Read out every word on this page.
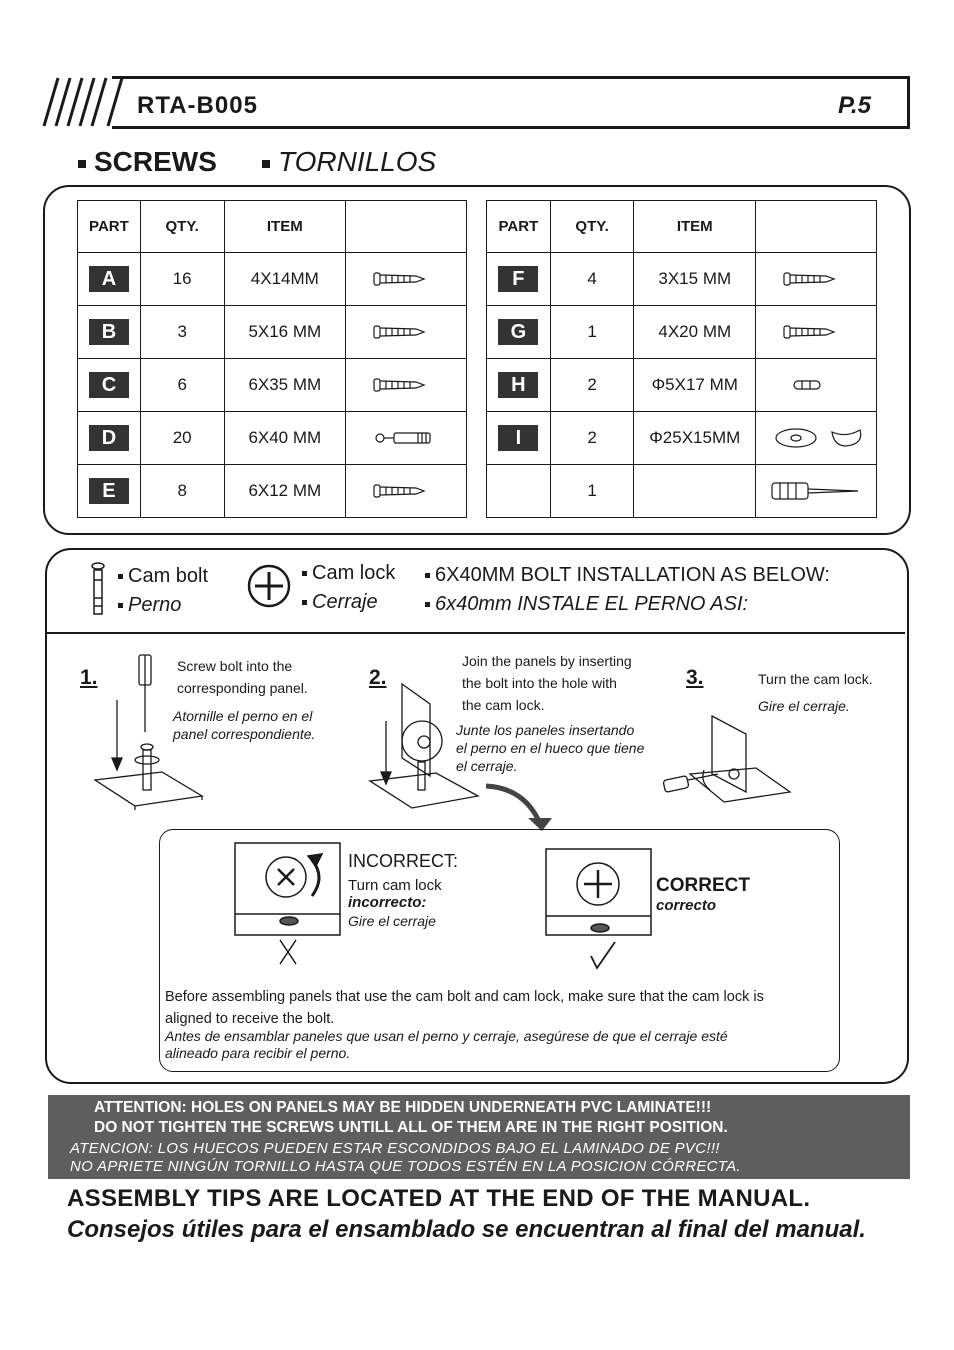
RTA-B005	P.5
SCREWS	TORNILLOS
PART	QTY.	ITEM	
A	16	4X14MM	

B	3	5X16 MM	

C	6	6X35 MM	

D	20	6X40 MM	

E	8	6X12 MM	
PART	QTY.	ITEM	
F	4	3X15 MM	

G	1	4X20 MM	

H	2	Φ5X17 MM	

I	2	Φ25X15MM	

	1		
Cam bolt
Perno
Cam lock
Cerraje
6X40MM BOLT INSTALLATION AS BELOW:
6x40mm INSTALE EL PERNO ASI:
1.	Screw bolt into the
corresponding panel.
Atornille el perno en el
panel correspondiente.
2.
Join the panels by inserting
the bolt into the hole with
the cam lock.
Junte los paneles insertando
el perno en el hueco que tiene
el cerraje.
3.	Turn the cam lock.
Gire el cerraje.
INCORRECT:
Turn cam lock
incorrecto:
Gire el cerraje
CORRECT
correcto
Before assembling panels that use the cam bolt and cam lock, make sure that the cam lock is
aligned to receive the bolt.
Antes de ensamblar paneles que usan el perno y cerraje, asegúrese de que el cerraje esté
alineado para recibir el perno.
ATTENTION: HOLES ON PANELS MAY BE HIDDEN UNDERNEATH PVC LAMINATE!!!
DO NOT TIGHTEN THE SCREWS UNTILL ALL OF THEM ARE IN THE RIGHT POSITION.
ATENCION: LOS HUECOS PUEDEN ESTAR ESCONDIDOS BAJO EL LAMINADO DE PVC!!!
NO APRIETE NINGÚN TORNILLO HASTA QUE TODOS ESTÉN EN LA POSICION CÓRRECTA.
ASSEMBLY TIPS ARE LOCATED AT THE END OF THE MANUAL.
Consejos útiles para el ensamblado se encuentran al final del manual.
